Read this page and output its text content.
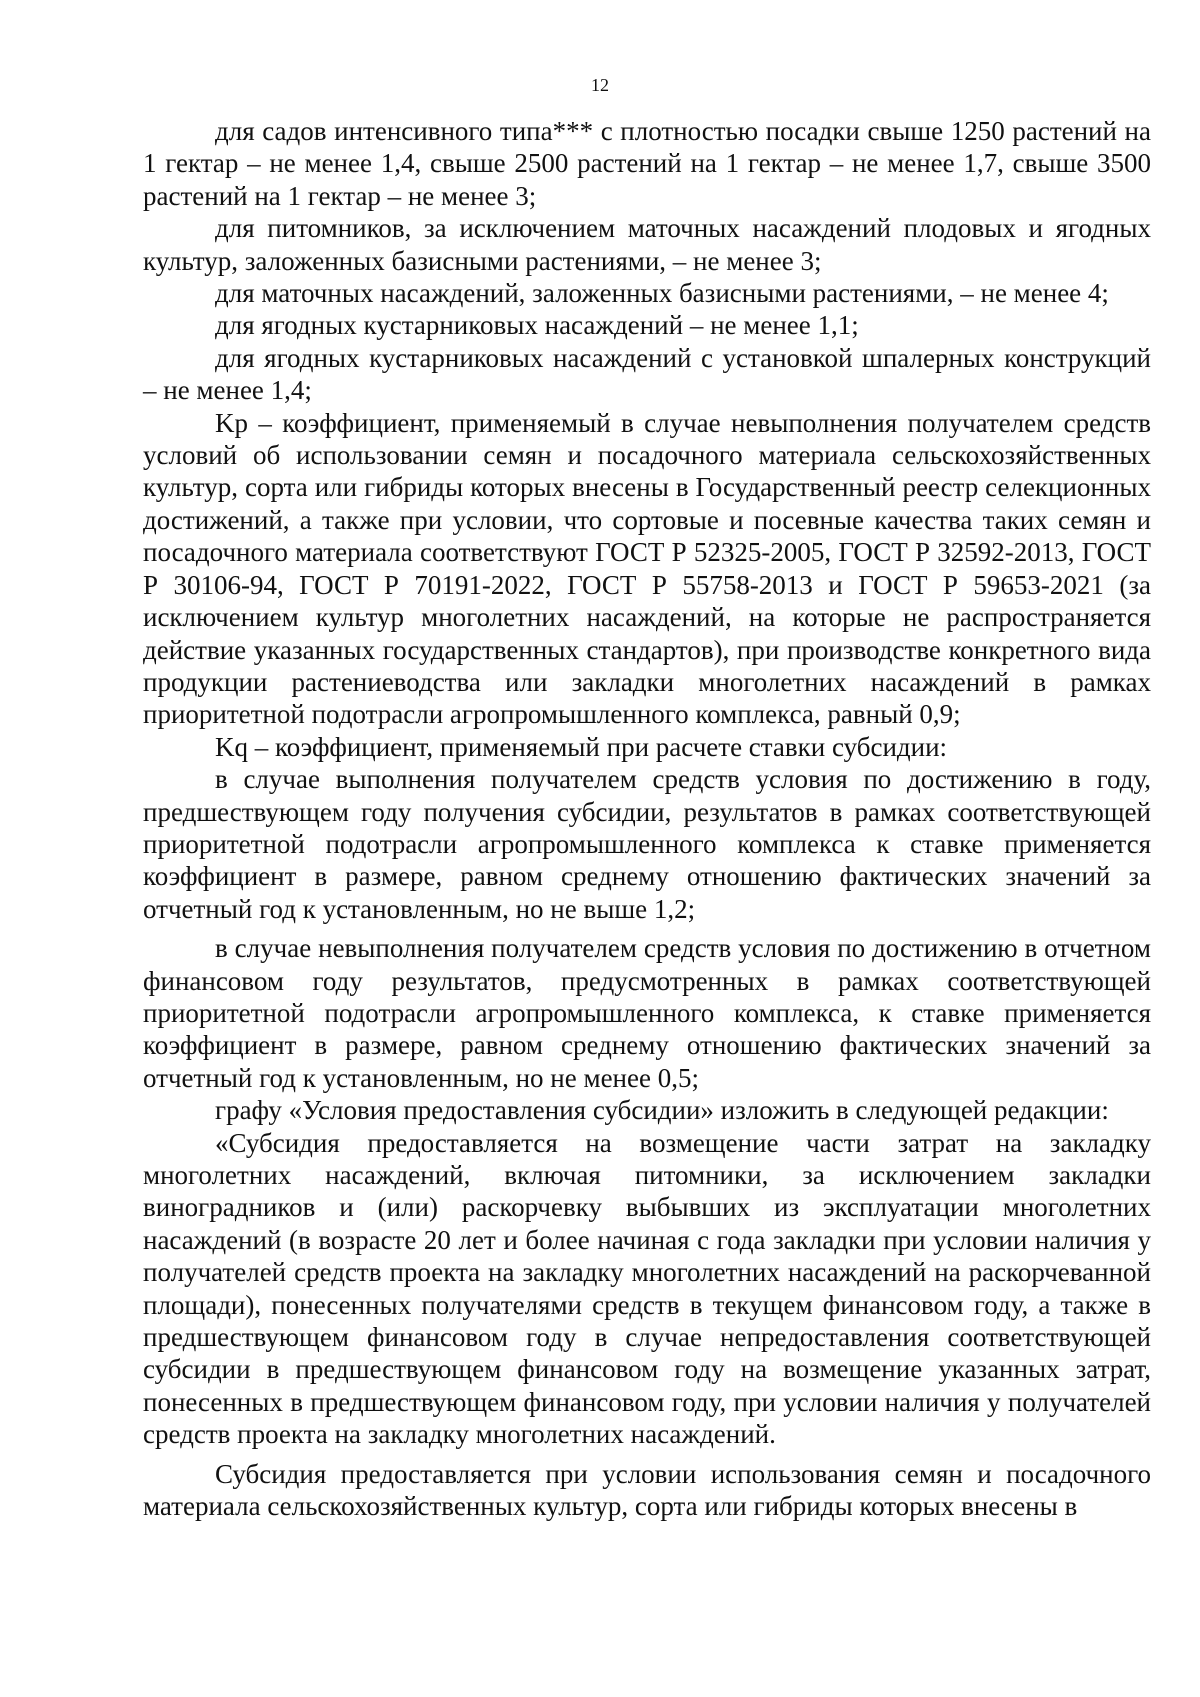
12

для садов интенсивного типа*** с плотностью посадки свыше 1250 растений на 1 гектар – не менее 1,4, свыше 2500 растений на 1 гектар – не менее 1,7, свыше 3500 растений на 1 гектар – не менее 3;

для питомников, за исключением маточных насаждений плодовых и ягодных культур, заложенных базисными растениями, – не менее 3;

для маточных насаждений, заложенных базисными растениями, – не менее 4;

для ягодных кустарниковых насаждений – не менее 1,1;

для ягодных кустарниковых насаждений с установкой шпалерных конструкций – не менее 1,4;

Kp – коэффициент, применяемый в случае невыполнения получателем средств условий об использовании семян и посадочного материала сельскохозяйственных культур, сорта или гибриды которых внесены в Государственный реестр селекционных достижений, а также при условии, что сортовые и посевные качества таких семян и посадочного материала соответствуют ГОСТ Р 52325-2005, ГОСТ Р 32592-2013, ГОСТ Р 30106-94, ГОСТ Р 70191-2022, ГОСТ Р 55758-2013 и ГОСТ Р 59653-2021 (за исключением культур многолетних насаждений, на которые не распространяется действие указанных государственных стандартов), при производстве конкретного вида продукции растениеводства или закладки многолетних насаждений в рамках приоритетной подотрасли агропромышленного комплекса, равный 0,9;

Kq – коэффициент, применяемый при расчете ставки субсидии:

в случае выполнения получателем средств условия по достижению в году, предшествующем году получения субсидии, результатов в рамках соответствующей приоритетной подотрасли агропромышленного комплекса к ставке применяется коэффициент в размере, равном среднему отношению фактических значений за отчетный год к установленным, но не выше 1,2;

в случае невыполнения получателем средств условия по достижению в отчетном финансовом году результатов, предусмотренных в рамках соответствующей приоритетной подотрасли агропромышленного комплекса, к ставке применяется коэффициент в размере, равном среднему отношению фактических значений за отчетный год к установленным, но не менее 0,5;

графу «Условия предоставления субсидии» изложить в следующей редакции:

«Субсидия предоставляется на возмещение части затрат на закладку многолетних насаждений, включая питомники, за исключением закладки виноградников и (или) раскорчевку выбывших из эксплуатации многолетних насаждений (в возрасте 20 лет и более начиная с года закладки при условии наличия у получателей средств проекта на закладку многолетних насаждений на раскорчеванной площади), понесенных получателями средств в текущем финансовом году, а также в предшествующем финансовом году в случае непредоставления соответствующей субсидии в предшествующем финансовом году на возмещение указанных затрат, понесенных в предшествующем финансовом году, при условии наличия у получателей средств проекта на закладку многолетних насаждений.

Субсидия предоставляется при условии использования семян и посадочного материала сельскохозяйственных культур, сорта или гибриды которых внесены в
